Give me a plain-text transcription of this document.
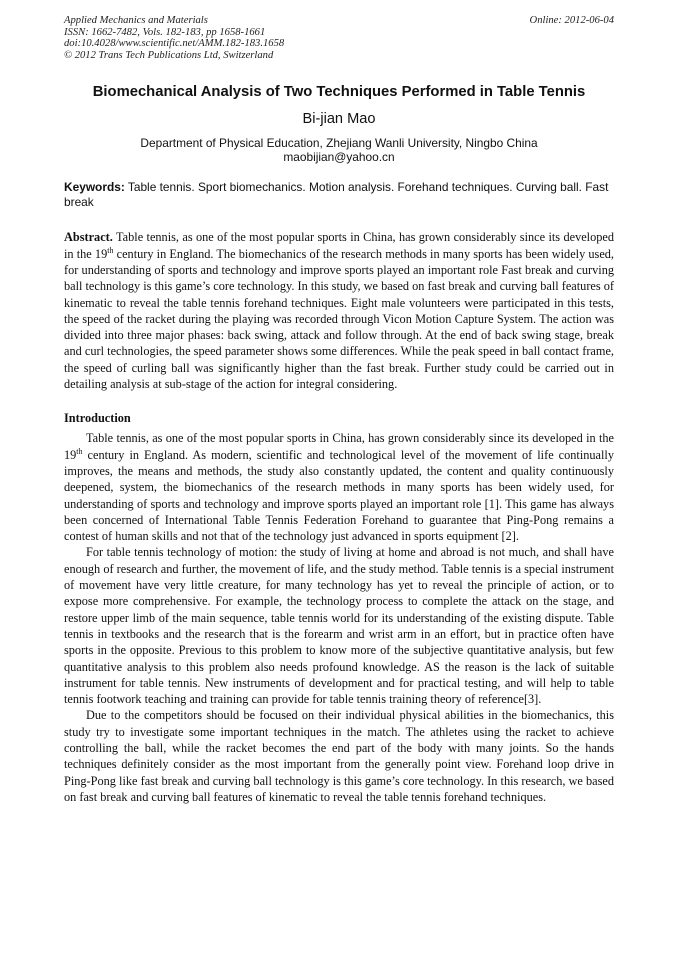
Applied Mechanics and Materials
ISSN: 1662-7482, Vols. 182-183, pp 1658-1661
doi:10.4028/www.scientific.net/AMM.182-183.1658
© 2012 Trans Tech Publications Ltd, Switzerland
Online: 2012-06-04
Biomechanical Analysis of Two Techniques Performed in Table Tennis
Bi-jian Mao
Department of Physical Education, Zhejiang Wanli University, Ningbo China
maobijian@yahoo.cn
Keywords: Table tennis. Sport biomechanics. Motion analysis. Forehand techniques. Curving ball. Fast break
Abstract. Table tennis, as one of the most popular sports in China, has grown considerably since its developed in the 19th century in England. The biomechanics of the research methods in many sports has been widely used, for understanding of sports and technology and improve sports played an important role Fast break and curving ball technology is this game’s core technology. In this study, we based on fast break and curving ball features of kinematic to reveal the table tennis forehand techniques. Eight male volunteers were participated in this tests, the speed of the racket during the playing was recorded through Vicon Motion Capture System. The action was divided into three major phases: back swing, attack and follow through. At the end of back swing stage, break and curl technologies, the speed parameter shows some differences. While the peak speed in ball contact frame, the speed of curling ball was significantly higher than the fast break. Further study could be carried out in detailing analysis at sub-stage of the action for integral considering.
Introduction

Table tennis, as one of the most popular sports in China, has grown considerably since its developed in the 19th century in England. As modern, scientific and technological level of the movement of life continually improves, the means and methods, the study also constantly updated, the content and quality continuously deepened, system, the biomechanics of the research methods in many sports has been widely used, for understanding of sports and technology and improve sports played an important role [1]. This game has always been concerned of International Table Tennis Federation Forehand to guarantee that Ping-Pong remains a contest of human skills and not that of the technology just advanced in sports equipment [2].

For table tennis technology of motion: the study of living at home and abroad is not much, and shall have enough of research and further, the movement of life, and the study method. Table tennis is a special instrument of movement have very little creature, for many technology has yet to reveal the principle of action, or to expose more comprehensive. For example, the technology process to complete the attack on the stage, and restore upper limb of the main sequence, table tennis world for its understanding of the existing dispute. Table tennis in textbooks and the research that is the forearm and wrist arm in an effort, but in practice often have sports in the opposite. Previous to this problem to know more of the subjective quantitative analysis, but few quantitative analysis to this problem also needs profound knowledge. AS the reason is the lack of suitable instrument for table tennis. New instruments of development and for practical testing, and will help to table tennis footwork teaching and training can provide for table tennis training theory of reference[3].

Due to the competitors should be focused on their individual physical abilities in the biomechanics, this study try to investigate some important techniques in the match. The athletes using the racket to achieve controlling the ball, while the racket becomes the end part of the body with many joints. So the hands techniques definitely consider as the most important from the generally point view. Forehand loop drive in Ping-Pong like fast break and curving ball technology is this game’s core technology. In this research, we based on fast break and curving ball features of kinematic to reveal the table tennis forehand techniques.
